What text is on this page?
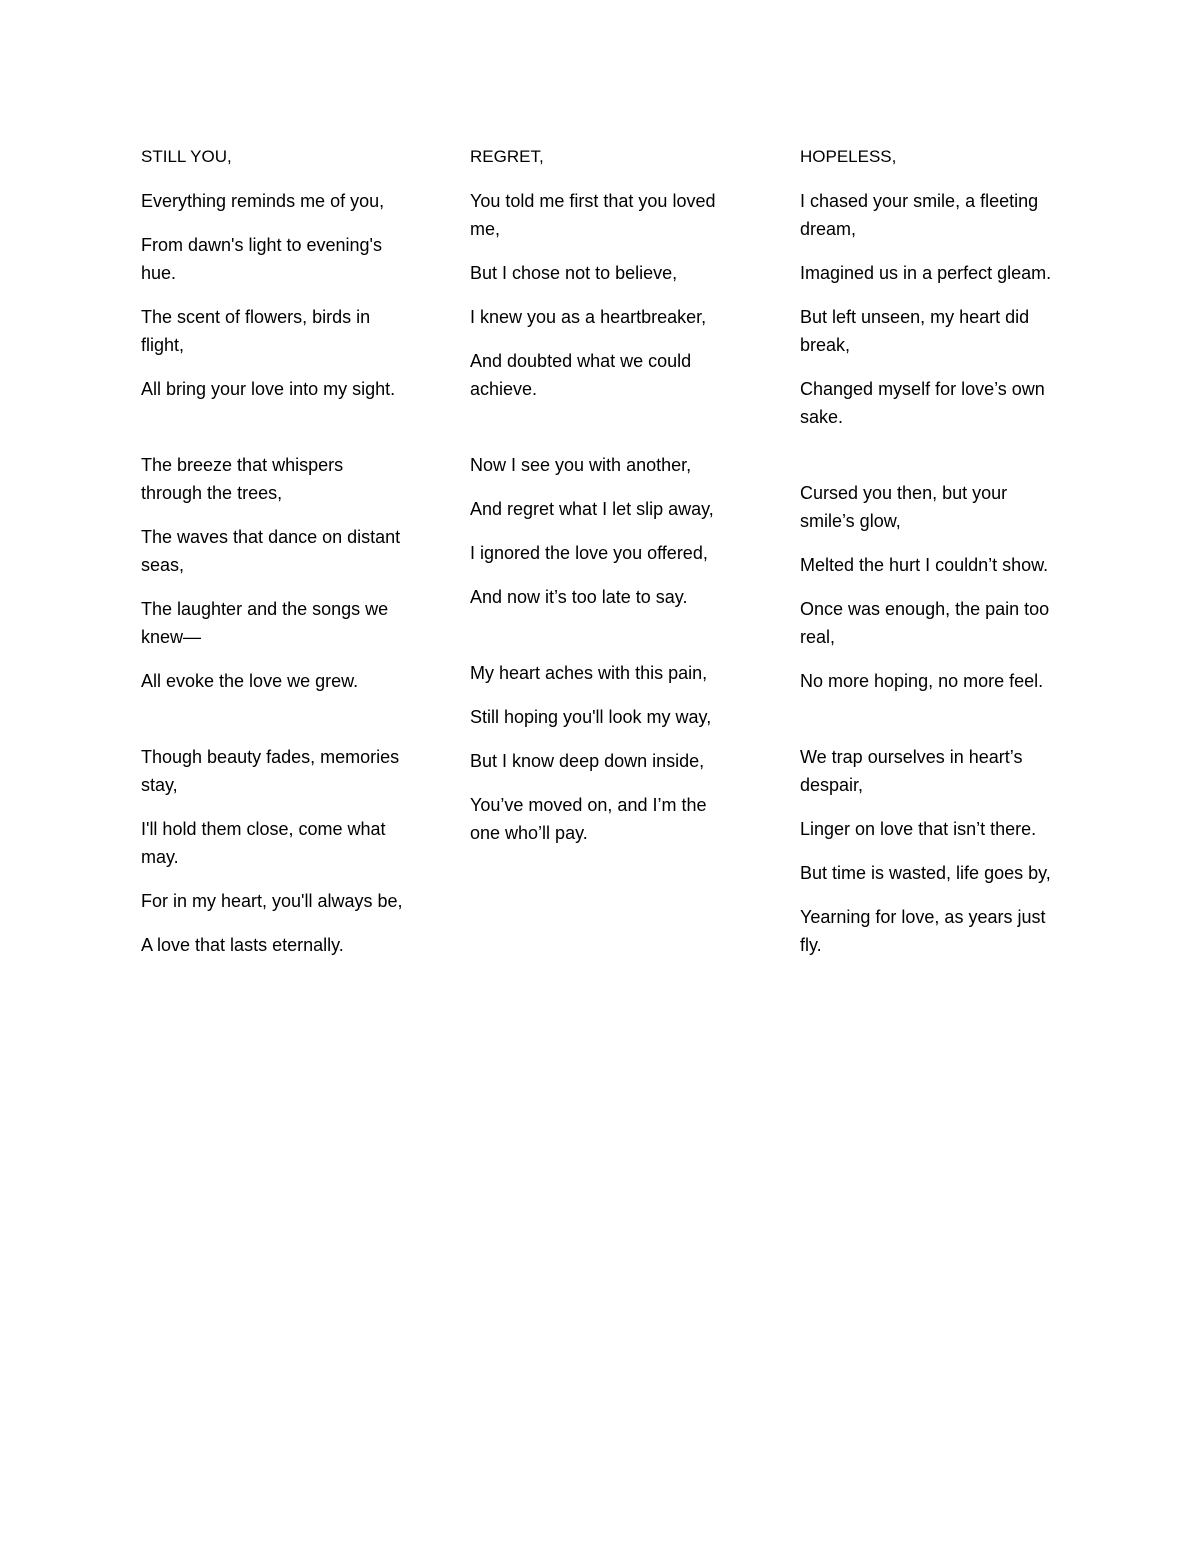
STILL YOU,

Everything reminds me of you,

From dawn's light to evening's hue.

The scent of flowers, birds in flight,

All bring your love into my sight.

The breeze that whispers through the trees,

The waves that dance on distant seas,

The laughter and the songs we knew—

All evoke the love we grew.

Though beauty fades, memories stay,

I'll hold them close, come what may.

For in my heart, you'll always be,

A love that lasts eternally.

REGRET,

You told me first that you loved me,

But I chose not to believe,

I knew you as a heartbreaker,

And doubted what we could achieve.

Now I see you with another,

And regret what I let slip away,

I ignored the love you offered,

And now it’s too late to say.

My heart aches with this pain,

Still hoping you'll look my way,

But I know deep down inside,

You’ve moved on, and I’m the one who’ll pay.

HOPELESS,

I chased your smile, a fleeting dream,

Imagined us in a perfect gleam.

But left unseen, my heart did break,

Changed myself for love’s own sake.

Cursed you then, but your smile’s glow,

Melted the hurt I couldn’t show.

Once was enough, the pain too real,

No more hoping, no more feel.

We trap ourselves in heart’s despair,

Linger on love that isn’t there.

But time is wasted, life goes by,

Yearning for love, as years just fly.
